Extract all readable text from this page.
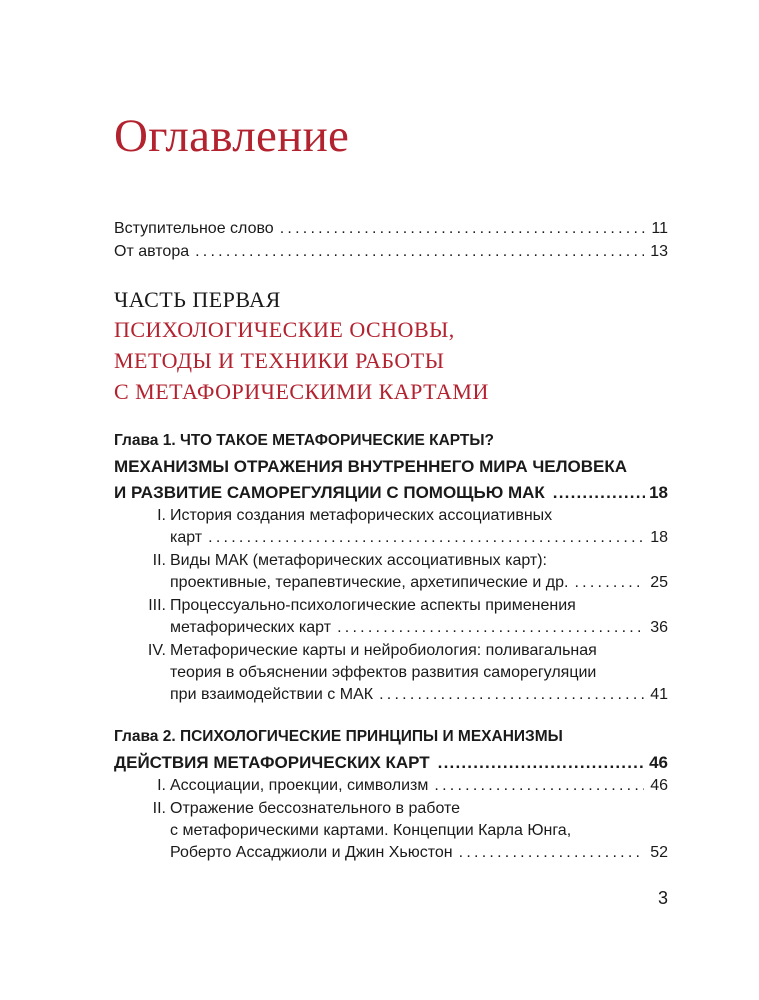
Оглавление
Вступительное слово . . .	11
От автора . . .	13
ЧАСТЬ ПЕРВАЯ
ПСИХОЛОГИЧЕСКИЕ ОСНОВЫ,
МЕТОДЫ И ТЕХНИКИ РАБОТЫ
С МЕТАФОРИЧЕСКИМИ КАРТАМИ
Глава 1. ЧТО ТАКОЕ МЕТАФОРИЧЕСКИЕ КАРТЫ?
МЕХАНИЗМЫ ОТРАЖЕНИЯ ВНУТРЕННЕГО МИРА ЧЕЛОВЕКА
И РАЗВИТИЕ САМОРЕГУЛЯЦИИ С ПОМОЩЬЮ МАК .....	18
I. История создания метафорических ассоциативных
карт . . .	18
II. Виды МАК (метафорических ассоциативных карт):
проективные, терапевтические, архетипические и др. . . .	25
III. Процессуально-психологические аспекты применения
метафорических карт . . .	36
IV. Метафорические карты и нейробиология: поливагальная
теория в объяснении эффектов развития саморегуляции
при взаимодействии с МАК . . .	41
Глава 2. ПСИХОЛОГИЧЕСКИЕ ПРИНЦИПЫ И МЕХАНИЗМЫ
ДЕЙСТВИЯ МЕТАФОРИЧЕСКИХ КАРТ .....	46
I. Ассоциации, проекции, символизм . . .	46
II. Отражение бессознательного в работе
с метафорическими картами. Концепции Карла Юнга,
Роберто Ассаджиоли и Джин Хьюстон . . .	52
3
